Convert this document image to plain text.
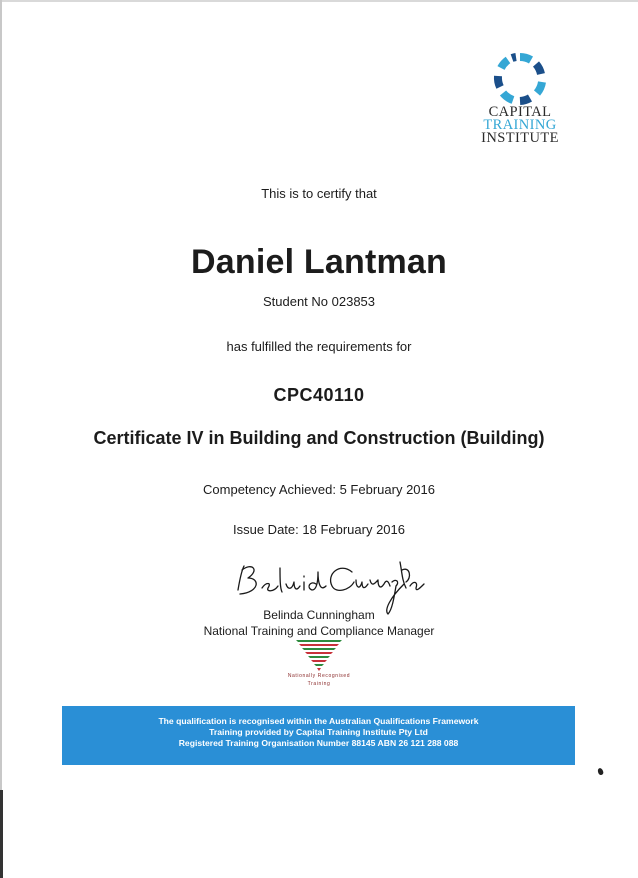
CAPITAL
TRAINING
INSTITUTE
This is to certify that
Daniel Lantman
Student No 023853
has fulfilled the requirements for
CPC40110
Certificate IV in Building and Construction (Building)
Competency Achieved: 5 February 2016
Issue Date: 18 February 2016
Belinda Cunningham
National Training and Compliance Manager
Nationally Recognised
Training
The qualification is recognised within the Australian Qualifications Framework
Training provided by Capital Training Institute Pty Ltd
Registered Training Organisation Number 88145 ABN 26 121 288 088
